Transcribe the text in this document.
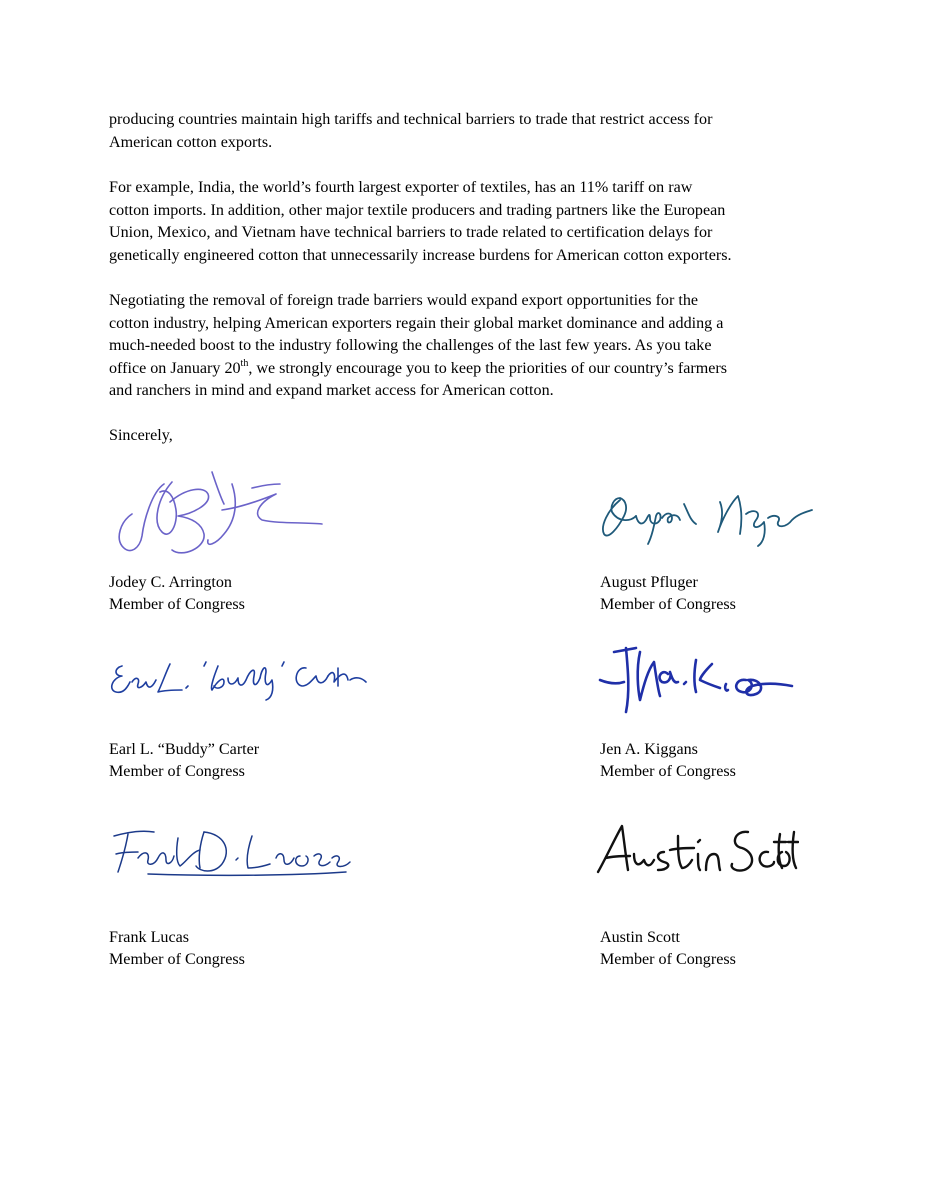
producing countries maintain high tariffs and technical barriers to trade that restrict access for
American cotton exports.

For example, India, the world’s fourth largest exporter of textiles, has an 11% tariff on raw
cotton imports. In addition, other major textile producers and trading partners like the European
Union, Mexico, and Vietnam have technical barriers to trade related to certification delays for
genetically engineered cotton that unnecessarily increase burdens for American cotton exporters.

Negotiating the removal of foreign trade barriers would expand export opportunities for the
cotton industry, helping American exporters regain their global market dominance and adding a
much-needed boost to the industry following the challenges of the last few years. As you take
office on January 20th, we strongly encourage you to keep the priorities of our country’s farmers
and ranchers in mind and expand market access for American cotton.

Sincerely,

Jodey C. Arrington
Member of Congress
August Pfluger
Member of Congress
Earl L. “Buddy” Carter
Member of Congress
Jen A. Kiggans
Member of Congress
Frank Lucas
Member of Congress
Austin Scott
Member of Congress
